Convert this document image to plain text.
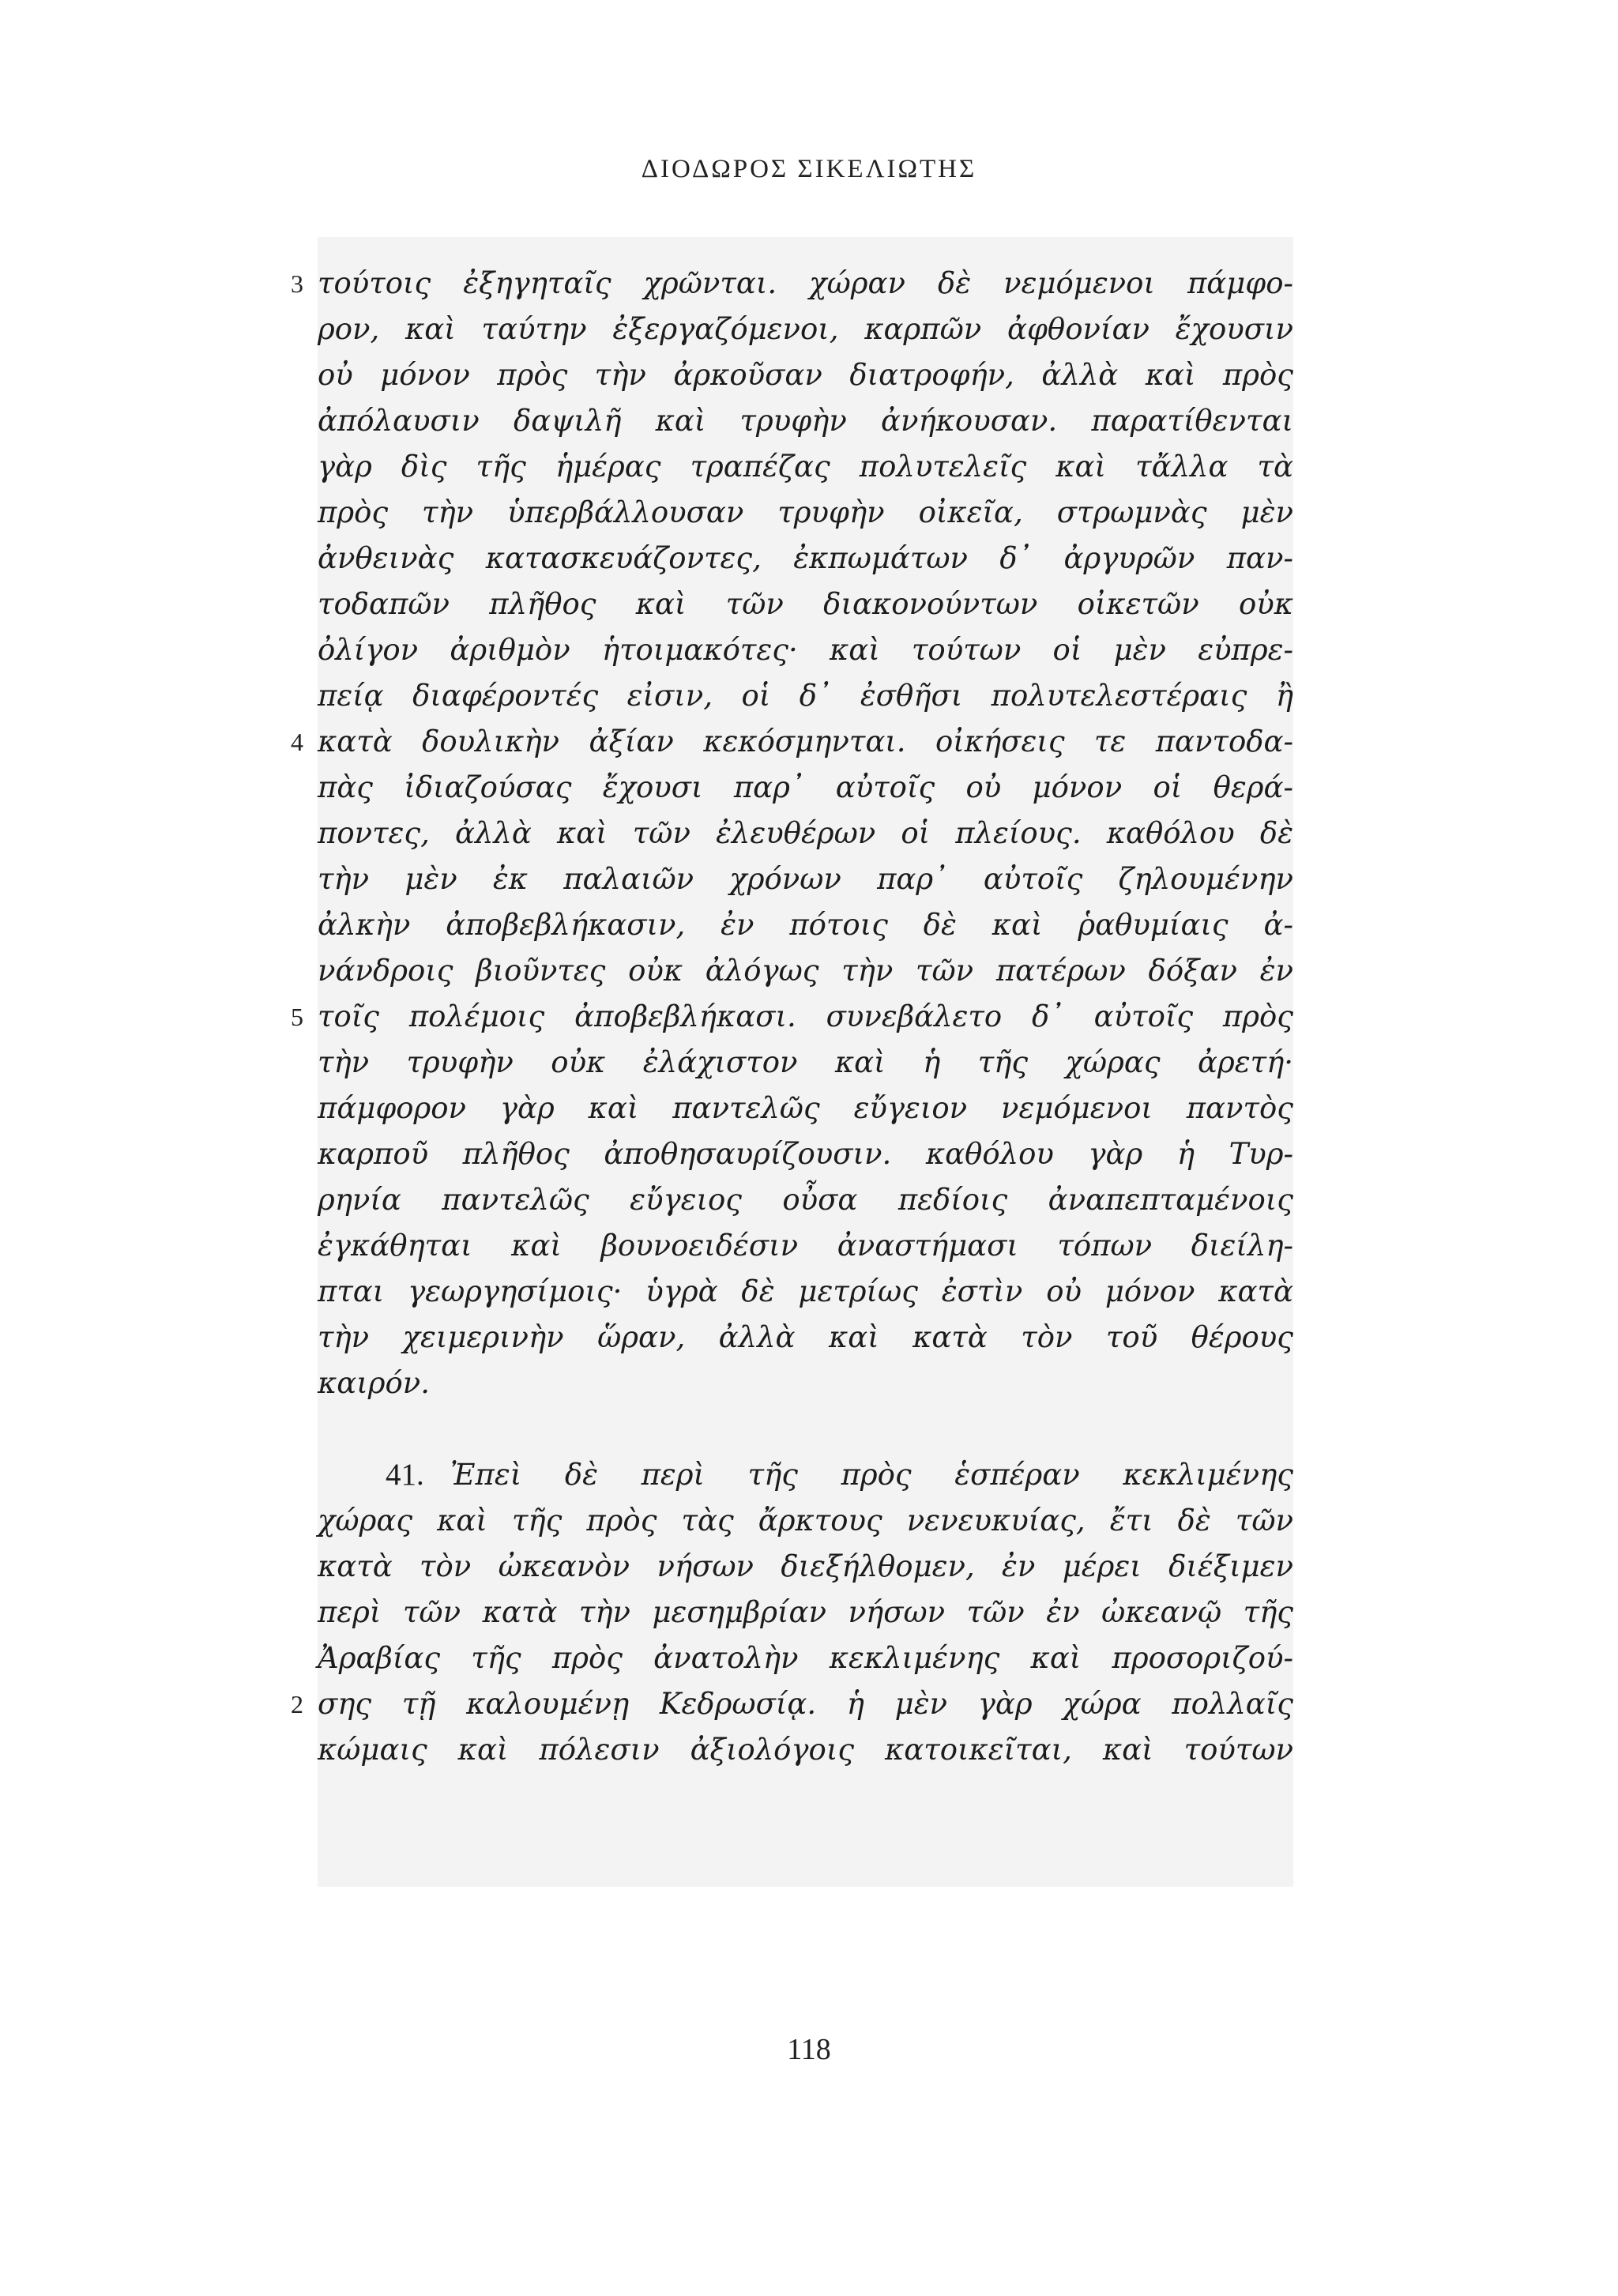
ΔΙΟΔΩΡΟΣ ΣΙΚΕΛΙΩΤΗΣ
3 τούτοις ἐξηγηταῖς χρῶνται. χώραν δὲ νεμόμενοι πάμφο-
ρον, καὶ ταύτην ἐξεργαζόμενοι, καρπῶν ἀφθονίαν ἔχουσιν
οὐ μόνον πρὸς τὴν ἀρκοῦσαν διατροφήν, ἀλλὰ καὶ πρὸς
ἀπόλαυσιν δαψιλῆ καὶ τρυφὴν ἀνήκουσαν. παρατίθενται
γὰρ δὶς τῆς ἡμέρας τραπέζας πολυτελεῖς καὶ τἄλλα τὰ
πρὸς τὴν ὑπερβάλλουσαν τρυφὴν οἰκεῖα, στρωμνὰς μὲν
ἀνθεινὰς κατασκευάζοντες, ἐκπωμάτων δ᾽ ἀργυρῶν παν-
τοδαπῶν πλῆθος καὶ τῶν διακονούντων οἰκετῶν οὐκ
ὀλίγον ἀριθμὸν ἡτοιμακότες· καὶ τούτων οἱ μὲν εὐπρε-
πείᾳ διαφέροντές εἰσιν, οἱ δ᾽ ἐσθῆσι πολυτελεστέραις ἢ
4 κατὰ δουλικὴν ἀξίαν κεκόσμηνται. οἰκήσεις τε παντοδα-
πὰς ἰδιαζούσας ἔχουσι παρ᾽ αὐτοῖς οὐ μόνον οἱ θερά-
ποντες, ἀλλὰ καὶ τῶν ἐλευθέρων οἱ πλείους. καθόλου δὲ
τὴν μὲν ἐκ παλαιῶν χρόνων παρ᾽ αὐτοῖς ζηλουμένην
ἀλκὴν ἀποβεβλήκασιν, ἐν πότοις δὲ καὶ ῥαθυμίαις ἀ-
νάνδροις βιοῦντες οὐκ ἀλόγως τὴν τῶν πατέρων δόξαν ἐν
5 τοῖς πολέμοις ἀποβεβλήκασι. συνεβάλετο δ᾽ αὐτοῖς πρὸς
τὴν τρυφὴν οὐκ ἐλάχιστον καὶ ἡ τῆς χώρας ἀρετή·
πάμφορον γὰρ καὶ παντελῶς εὔγειον νεμόμενοι παντὸς
καρποῦ πλῆθος ἀποθησαυρίζουσιν. καθόλου γὰρ ἡ Τυρ-
ρηνία παντελῶς εὔγειος οὖσα πεδίοις ἀναπεπταμένοις
ἐγκάθηται καὶ βουνοειδέσιν ἀναστήμασι τόπων διείλη-
πται γεωργησίμοις· ὑγρὰ δὲ μετρίως ἐστὶν οὐ μόνον κατὰ
τὴν χειμερινὴν ὥραν, ἀλλὰ καὶ κατὰ τὸν τοῦ θέρους
καιρόν.
41. Ἐπεὶ δὲ περὶ τῆς πρὸς ἑσπέραν κεκλιμένης
χώρας καὶ τῆς πρὸς τὰς ἄρκτους νενευκυίας, ἔτι δὲ τῶν
κατὰ τὸν ὠκεανὸν νήσων διεξήλθομεν, ἐν μέρει διέξιμεν
περὶ τῶν κατὰ τὴν μεσημβρίαν νήσων τῶν ἐν ὠκεανῷ τῆς
Ἀραβίας τῆς πρὸς ἀνατολὴν κεκλιμένης καὶ προσοριζού-
2 σης τῇ καλουμένῃ Κεδρωσίᾳ. ἡ μὲν γὰρ χώρα πολλαῖς
κώμαις καὶ πόλεσιν ἀξιολόγοις κατοικεῖται, καὶ τούτων
118
